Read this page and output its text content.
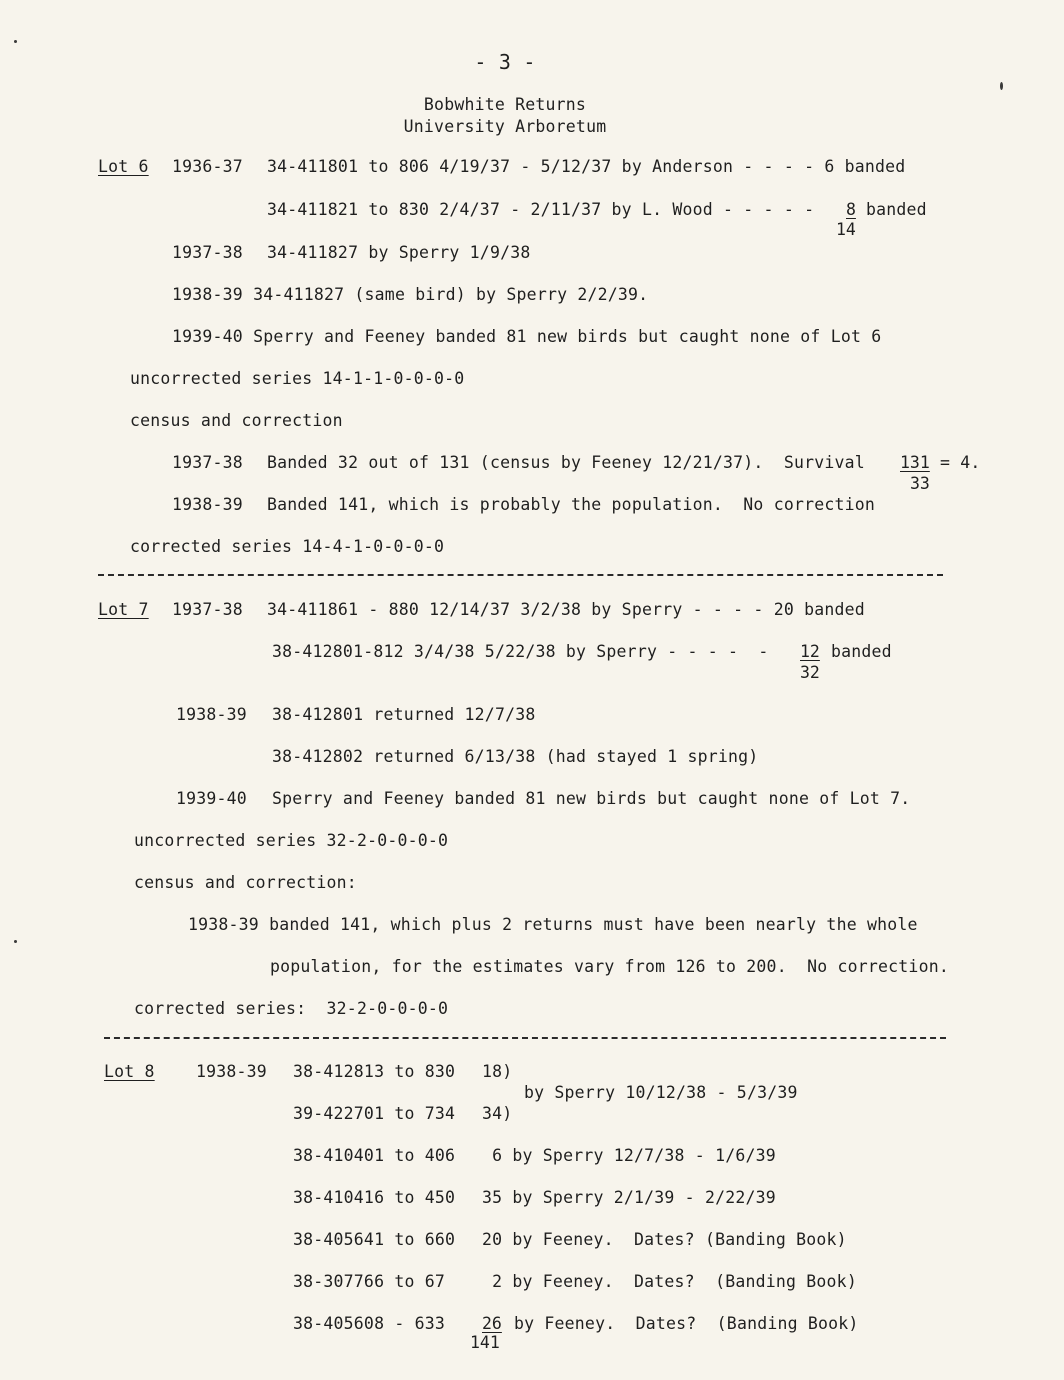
- 3 -
Bobwhite Returns
University Arboretum
Lot 6 1936-37 34-411801 to 806 4/19/37 - 5/12/37 by Anderson - - - - 6 banded
34-411821 to 830 2/4/37 - 2/11/37 by L. Wood - - - - - 8 banded
14
1937-38 34-411827 by Sperry 1/9/38
1938-39 34-411827 (same bird) by Sperry 2/2/39.
1939-40 Sperry and Feeney banded 81 new birds but caught none of Lot 6
uncorrected series 14-1-1-0-0-0-0
census and correction
1937-38 Banded 32 out of 131 (census by Feeney 12/21/37).  Survival 131 = 4.
33
1938-39 Banded 141, which is probably the population.  No correction
corrected series 14-4-1-0-0-0-0
Lot 7 1937-38 34-411861 - 880 12/14/37 3/2/38 by Sperry - - - - 20 banded
38-412801-812 3/4/38 5/22/38 by Sperry - - - -  - 12 banded
32
1938-39 38-412801 returned 12/7/38
38-412802 returned 6/13/38 (had stayed 1 spring)
1939-40 Sperry and Feeney banded 81 new birds but caught none of Lot 7.
uncorrected series 32-2-0-0-0-0
census and correction:
1938-39 banded 141, which plus 2 returns must have been nearly the whole
population, for the estimates vary from 126 to 200.  No correction.
corrected series:  32-2-0-0-0-0
Lot 8	1938-39 38-412813 to 830 18)
39-422701 to 734 34)
by Sperry 10/12/38 - 5/3/39
38-410401 to 406 6 by Sperry 12/7/38 - 1/6/39
38-410416 to 450 35 by Sperry 2/1/39 - 2/22/39
38-405641 to 660 20 by Feeney.  Dates? (Banding Book)
38-307766 to 67 2 by Feeney.  Dates?  (Banding Book)
38-405608 - 633 26 by Feeney.  Dates?  (Banding Book)
141
